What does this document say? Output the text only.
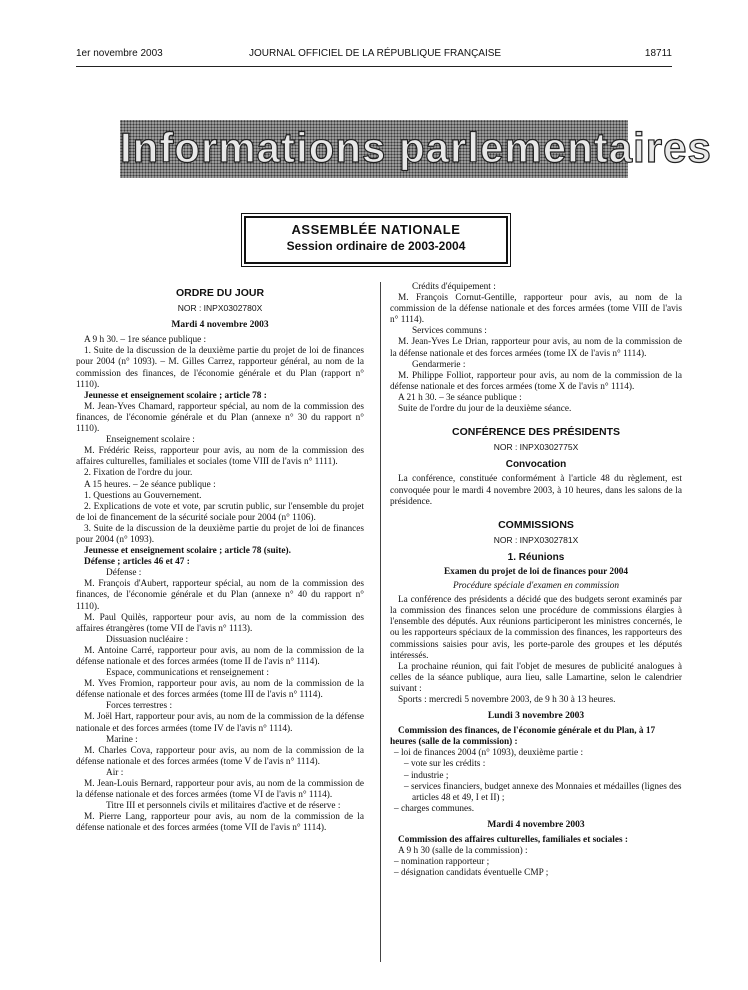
1er novembre 2003	JOURNAL OFFICIEL DE LA RÉPUBLIQUE FRANÇAISE	18711
Informations parlementaires
ASSEMBLÉE NATIONALE
Session ordinaire de 2003-2004
ORDRE DU JOUR
NOR : INPX0302780X
Mardi 4 novembre 2003

A 9 h 30. – 1re séance publique :

1. Suite de la discussion de la deuxième partie du projet de loi de finances pour 2004 (n° 1093). – M. Gilles Carrez, rapporteur général, au nom de la commission des finances, de l'économie générale et du Plan (rapport n° 1110).

Jeunesse et enseignement scolaire ; article 78 :

M. Jean-Yves Chamard, rapporteur spécial, au nom de la commission des finances, de l'économie générale et du Plan (annexe n° 30 du rapport n° 1110).

Enseignement scolaire :

M. Frédéric Reiss, rapporteur pour avis, au nom de la commission des affaires culturelles, familiales et sociales (tome VIII de l'avis n° 1111).

2. Fixation de l'ordre du jour.

A 15 heures. – 2e séance publique :

1. Questions au Gouvernement.

2. Explications de vote et vote, par scrutin public, sur l'ensemble du projet de loi de financement de la sécurité sociale pour 2004 (n° 1106).

3. Suite de la discussion de la deuxième partie du projet de loi de finances pour 2004 (n° 1093).

Jeunesse et enseignement scolaire ; article 78 (suite).

Défense ; articles 46 et 47 :

Défense :

M. François d'Aubert, rapporteur spécial, au nom de la commission des finances, de l'économie générale et du Plan (annexe n° 40 du rapport n° 1110).

M. Paul Quilès, rapporteur pour avis, au nom de la commission des affaires étrangères (tome VII de l'avis n° 1113).

Dissuasion nucléaire :

M. Antoine Carré, rapporteur pour avis, au nom de la commission de la défense nationale et des forces armées (tome II de l'avis n° 1114).

Espace, communications et renseignement :

M. Yves Fromion, rapporteur pour avis, au nom de la commission de la défense nationale et des forces armées (tome III de l'avis n° 1114).

Forces terrestres :

M. Joël Hart, rapporteur pour avis, au nom de la commission de la défense nationale et des forces armées (tome IV de l'avis n° 1114).

Marine :

M. Charles Cova, rapporteur pour avis, au nom de la commission de la défense nationale et des forces armées (tome V de l'avis n° 1114).

Air :

M. Jean-Louis Bernard, rapporteur pour avis, au nom de la commission de la défense nationale et des forces armées (tome VI de l'avis n° 1114).

Titre III et personnels civils et militaires d'active et de réserve :

M. Pierre Lang, rapporteur pour avis, au nom de la commission de la défense nationale et des forces armées (tome VII de l'avis n° 1114).

Crédits d'équipement :

M. François Cornut-Gentille, rapporteur pour avis, au nom de la commission de la défense nationale et des forces armées (tome VIII de l'avis n° 1114).

Services communs :

M. Jean-Yves Le Drian, rapporteur pour avis, au nom de la commission de la défense nationale et des forces armées (tome IX de l'avis n° 1114).

Gendarmerie :

M. Philippe Folliot, rapporteur pour avis, au nom de la commission de la défense nationale et des forces armées (tome X de l'avis n° 1114).

A 21 h 30. – 3e séance publique :

Suite de l'ordre du jour de la deuxième séance.

CONFÉRENCE DES PRÉSIDENTS
NOR : INPX0302775X
Convocation

La conférence, constituée conformément à l'article 48 du règlement, est convoquée pour le mardi 4 novembre 2003, à 10 heures, dans les salons de la présidence.

COMMISSIONS
NOR : INPX0302781X
1. Réunions
Examen du projet de loi de finances pour 2004
Procédure spéciale d'examen en commission

La conférence des présidents a décidé que des budgets seront examinés par la commission des finances selon une procédure de commissions élargies à l'ensemble des députés. Aux réunions participeront les ministres concernés, le ou les rapporteurs spéciaux de la commission des finances, les rapporteurs des commissions saisies pour avis, les porte-parole des groupes et les députés intéressés.

La prochaine réunion, qui fait l'objet de mesures de publicité analogues à celles de la séance publique, aura lieu, salle Lamartine, selon le calendrier suivant :

Sports : mercredi 5 novembre 2003, de 9 h 30 à 13 heures.

Lundi 3 novembre 2003

Commission des finances, de l'économie générale et du Plan, à 17 heures (salle de la commission) :

– loi de finances 2004 (n° 1093), deuxième partie :

– vote sur les crédits :

– industrie ;

– services financiers, budget annexe des Monnaies et médailles (lignes des articles 48 et 49, I et II) ;

– charges communes.

Mardi 4 novembre 2003

Commission des affaires culturelles, familiales et sociales :

A 9 h 30 (salle de la commission) :

– nomination rapporteur ;

– désignation candidats éventuelle CMP ;
